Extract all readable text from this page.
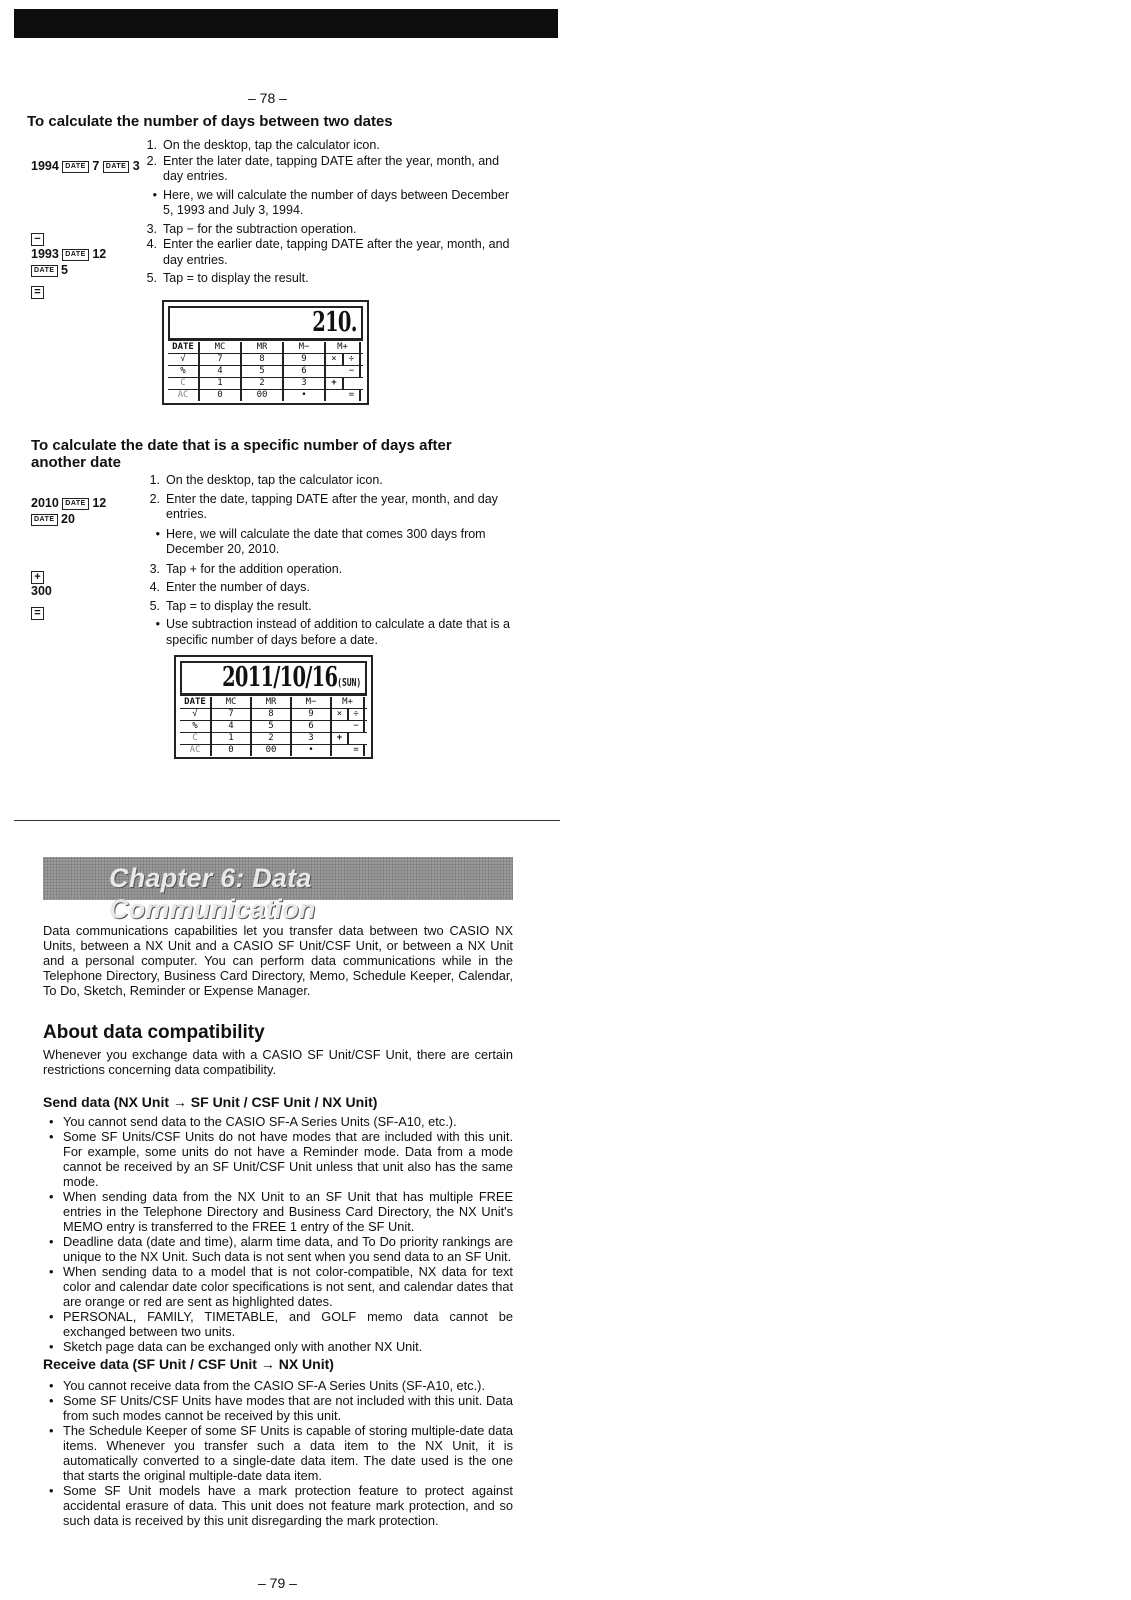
– 78 –
To calculate the number of days between two dates
1994 DATE 7 DATE 3
−
1993 DATE 12
DATE 5
=
1. On the desktop, tap the calculator icon.
2. Enter the later date, tapping DATE after the year, month, and day entries.
• Here, we will calculate the number of days between December 5, 1993 and July 3, 1994.
3. Tap − for the subtraction operation.
4. Enter the earlier date, tapping DATE after the year, month, and day entries.
5. Tap = to display the result.
210.
DATE	MC	MR	M−	M+
√	7	8	9	×	÷
%	4	5	6	−
C	1	2	3	+
AC	0	00	•	=
To calculate the date that is a specific number of days after another date
2010 DATE 12
DATE 20
+
300
=
1. On the desktop, tap the calculator icon.
2. Enter the date, tapping DATE after the year, month, and day entries.
• Here, we will calculate the date that comes 300 days from December 20, 2010.
3. Tap + for the addition operation.
4. Enter the number of days.
5. Tap = to display the result.
• Use subtraction instead of addition to calculate a date that is a specific number of days before a date.
2011/10/16(SUN)
DATE	MC	MR	M−	M+
√	7	8	9	×	÷
%	4	5	6	−
C	1	2	3	+
AC	0	00	•	=
Chapter 6: Data Communication
Data communications capabilities let you transfer data between two CASIO NX Units, between a NX Unit and a CASIO SF Unit/CSF Unit, or between a NX Unit and a personal computer. You can perform data communications while in the Telephone Directory, Business Card Directory, Memo, Schedule Keeper, Calendar, To Do, Sketch, Reminder or Expense Manager.
About data compatibility
Whenever you exchange data with a CASIO SF Unit/CSF Unit, there are certain restrictions concerning data compatibility.
Send data (NX Unit → SF Unit / CSF Unit / NX Unit)
• You cannot send data to the CASIO SF-A Series Units (SF-A10, etc.).
• Some SF Units/CSF Units do not have modes that are included with this unit. For example, some units do not have a Reminder mode. Data from a mode cannot be received by an SF Unit/CSF Unit unless that unit also has the same mode.
• When sending data from the NX Unit to an SF Unit that has multiple FREE entries in the Telephone Directory and Business Card Directory, the NX Unit's MEMO entry is transferred to the FREE 1 entry of the SF Unit.
• Deadline data (date and time), alarm time data, and To Do priority rankings are unique to the NX Unit. Such data is not sent when you send data to an SF Unit.
• When sending data to a model that is not color-compatible, NX data for text color and calendar date color specifications is not sent, and calendar dates that are orange or red are sent as highlighted dates.
• PERSONAL, FAMILY, TIMETABLE, and GOLF memo data cannot be exchanged between two units.
• Sketch page data can be exchanged only with another NX Unit.
Receive data (SF Unit / CSF Unit → NX Unit)
• You cannot receive data from the CASIO SF-A Series Units (SF-A10, etc.).
• Some SF Units/CSF Units have modes that are not included with this unit. Data from such modes cannot be received by this unit.
• The Schedule Keeper of some SF Units is capable of storing multiple-date data items. Whenever you transfer such a data item to the NX Unit, it is automatically converted to a single-date data item. The date used is the one that starts the original multiple-date data item.
• Some SF Unit models have a mark protection feature to protect against accidental erasure of data. This unit does not feature mark protection, and so such data is received by this unit disregarding the mark protection.
– 79 –
